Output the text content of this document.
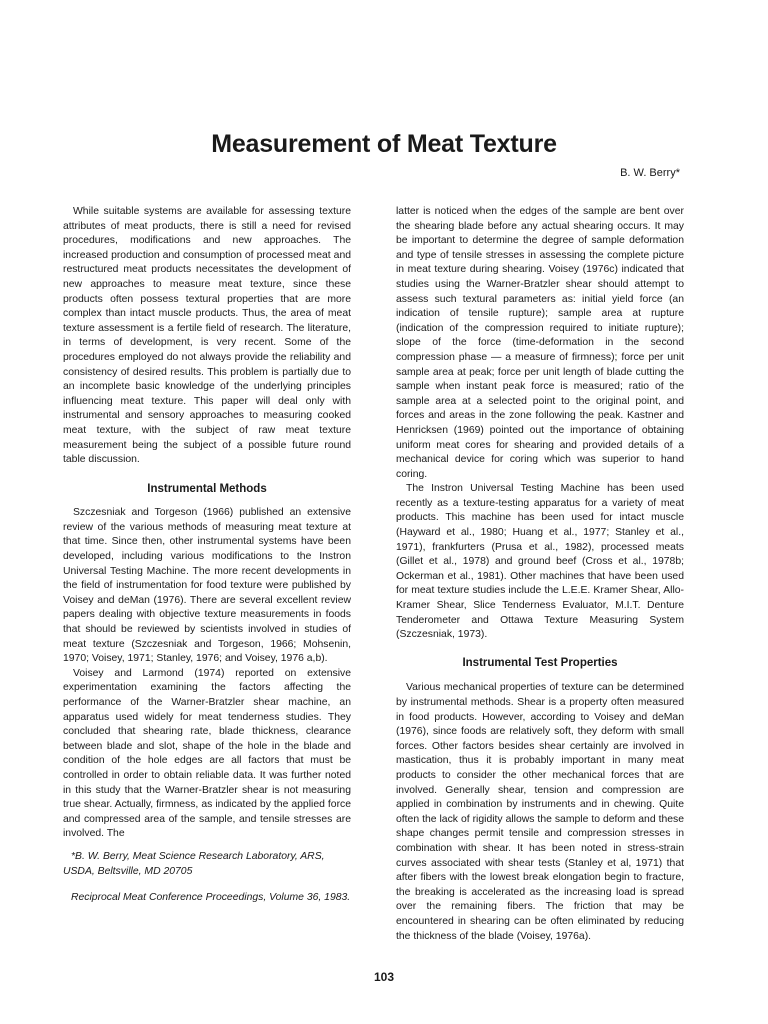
Measurement of Meat Texture
B. W. Berry*

While suitable systems are available for assessing texture attributes of meat products, there is still a need for revised procedures, modifications and new approaches. The increased production and consumption of processed meat and restructured meat products necessitates the development of new approaches to measure meat texture, since these products often possess textural properties that are more complex than intact muscle products. Thus, the area of meat texture assessment is a fertile field of research. The literature, in terms of development, is very recent. Some of the procedures employed do not always provide the reliability and consistency of desired results. This problem is partially due to an incomplete basic knowledge of the underlying principles influencing meat texture. This paper will deal only with instrumental and sensory approaches to measuring cooked meat texture, with the subject of raw meat texture measurement being the subject of a possible future round table discussion.

Instrumental Methods

Szczesniak and Torgeson (1966) published an extensive review of the various methods of measuring meat texture at that time. Since then, other instrumental systems have been developed, including various modifications to the Instron Universal Testing Machine. The more recent developments in the field of instrumentation for food texture were published by Voisey and deMan (1976). There are several excellent review papers dealing with objective texture measurements in foods that should be reviewed by scientists involved in studies of meat texture (Szczesniak and Torgeson, 1966; Mohsenin, 1970; Voisey, 1971; Stanley, 1976; and Voisey, 1976 a,b).

Voisey and Larmond (1974) reported on extensive experimentation examining the factors affecting the performance of the Warner-Bratzler shear machine, an apparatus used widely for meat tenderness studies. They concluded that shearing rate, blade thickness, clearance between blade and slot, shape of the hole in the blade and condition of the hole edges are all factors that must be controlled in order to obtain reliable data. It was further noted in this study that the Warner-Bratzler shear is not measuring true shear. Actually, firmness, as indicated by the applied force and compressed area of the sample, and tensile stresses are involved. The

latter is noticed when the edges of the sample are bent over the shearing blade before any actual shearing occurs. It may be important to determine the degree of sample deformation and type of tensile stresses in assessing the complete picture in meat texture during shearing. Voisey (1976c) indicated that studies using the Warner-Bratzler shear should attempt to assess such textural parameters as: initial yield force (an indication of tensile rupture); sample area at rupture (indication of the compression required to initiate rupture); slope of the force (time-deformation in the second compression phase — a measure of firmness); force per unit sample area at peak; force per unit length of blade cutting the sample when instant peak force is measured; ratio of the sample area at a selected point to the original point, and forces and areas in the zone following the peak. Kastner and Henricksen (1969) pointed out the importance of obtaining uniform meat cores for shearing and provided details of a mechanical device for coring which was superior to hand coring.

The Instron Universal Testing Machine has been used recently as a texture-testing apparatus for a variety of meat products. This machine has been used for intact muscle (Hayward et al., 1980; Huang et al., 1977; Stanley et al., 1971), frankfurters (Prusa et al., 1982), processed meats (Gillet et al., 1978) and ground beef (Cross et al., 1978b; Ockerman et al., 1981). Other machines that have been used for meat texture studies include the L.E.E. Kramer Shear, Allo-Kramer Shear, Slice Tenderness Evaluator, M.I.T. Denture Tenderometer and Ottawa Texture Measuring System (Szczesniak, 1973).

Instrumental Test Properties

Various mechanical properties of texture can be determined by instrumental methods. Shear is a property often measured in food products. However, according to Voisey and deMan (1976), since foods are relatively soft, they deform with small forces. Other factors besides shear certainly are involved in mastication, thus it is probably important in many meat products to consider the other mechanical forces that are involved. Generally shear, tension and compression are applied in combination by instruments and in chewing. Quite often the lack of rigidity allows the sample to deform and these shape changes permit tensile and compression stresses in combination with shear. It has been noted in stress-strain curves associated with shear tests (Stanley et al, 1971) that after fibers with the lowest break elongation begin to fracture, the breaking is accelerated as the increasing load is spread over the remaining fibers. The friction that may be encountered in shearing can be often eliminated by reducing the thickness of the blade (Voisey, 1976a).

*B. W. Berry, Meat Science Research Laboratory, ARS, USDA, Beltsville, MD 20705

Reciprocal Meat Conference Proceedings, Volume 36, 1983.

103
